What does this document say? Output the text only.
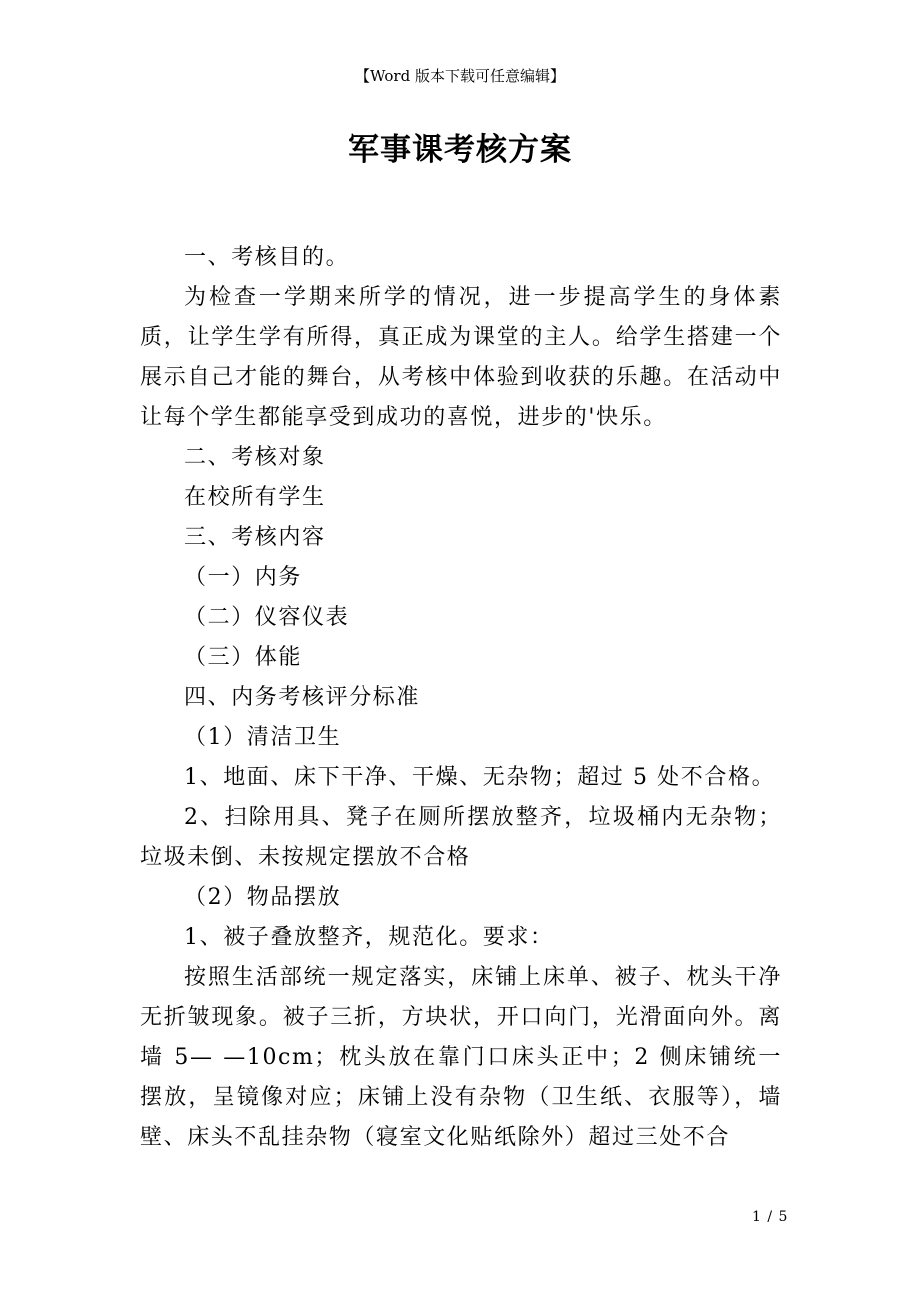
【Word 版本下载可任意编辑】
军事课考核方案

一、考核目的。

为检查一学期来所学的情况，进一步提高学生的身体素质，让学生学有所得，真正成为课堂的主人。给学生搭建一个展示自己才能的舞台，从考核中体验到收获的乐趣。在活动中让每个学生都能享受到成功的喜悦，进步的'快乐。

二、考核对象

在校所有学生

三、考核内容

（一）内务

（二）仪容仪表

（三）体能

四、内务考核评分标准

（1）清洁卫生

1、地面、床下干净、干燥、无杂物；超过 5 处不合格。

2、扫除用具、凳子在厕所摆放整齐，垃圾桶内无杂物；垃圾未倒、未按规定摆放不合格

（2）物品摆放

1、被子叠放整齐，规范化。要求：

按照生活部统一规定落实，床铺上床单、被子、枕头干净无折皱现象。被子三折，方块状，开口向门，光滑面向外。离墙 5— —10cm；枕头放在靠门口床头正中；2 侧床铺统一摆放，呈镜像对应；床铺上没有杂物（卫生纸、衣服等），墙壁、床头不乱挂杂物（寝室文化贴纸除外）超过三处不合

1 / 5
